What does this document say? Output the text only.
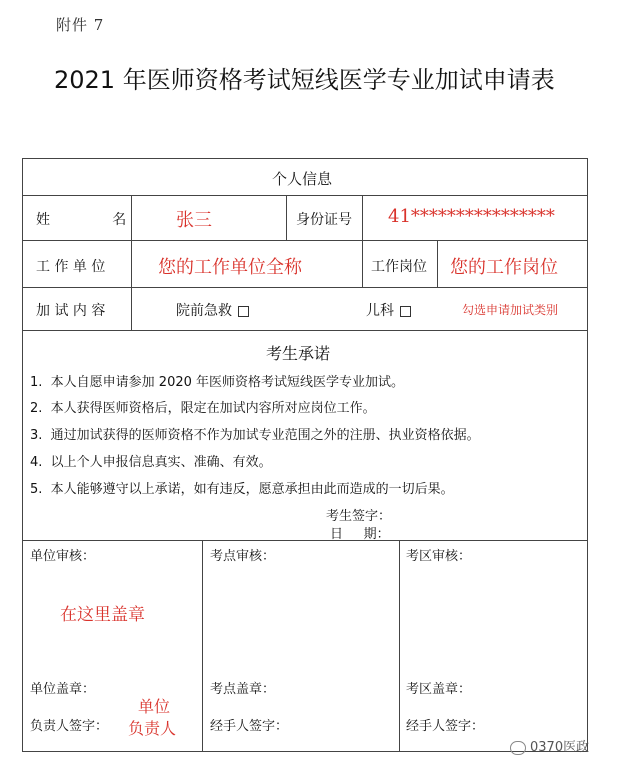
附件 7
2021 年医师资格考试短线医学专业加试申请表
个人信息
姓              名	张三	身份证号 41****************
工 作 单 位	您的工作单位全称	工作岗位 您的工作岗位
加 试 内 容	院前急救	儿科	勾选申请加试类别
考生承诺
1.  本人自愿申请参加 2020 年医师资格考试短线医学专业加试。
2.  本人获得医师资格后，限定在加试内容所对应岗位工作。
3.  通过加试获得的医师资格不作为加试专业范围之外的注册、执业资格依据。
4.  以上个人申报信息真实、准确、有效。
5.  本人能够遵守以上承诺，如有违反，愿意承担由此而造成的一切后果。
考生签字：
日     期：
单位审核：
在这里盖章
单位盖章：
负责人签字：
单位
负责人
考点审核：
考点盖章：
经手人签字：
考区审核：
考区盖章：
经手人签字：
0370医政
